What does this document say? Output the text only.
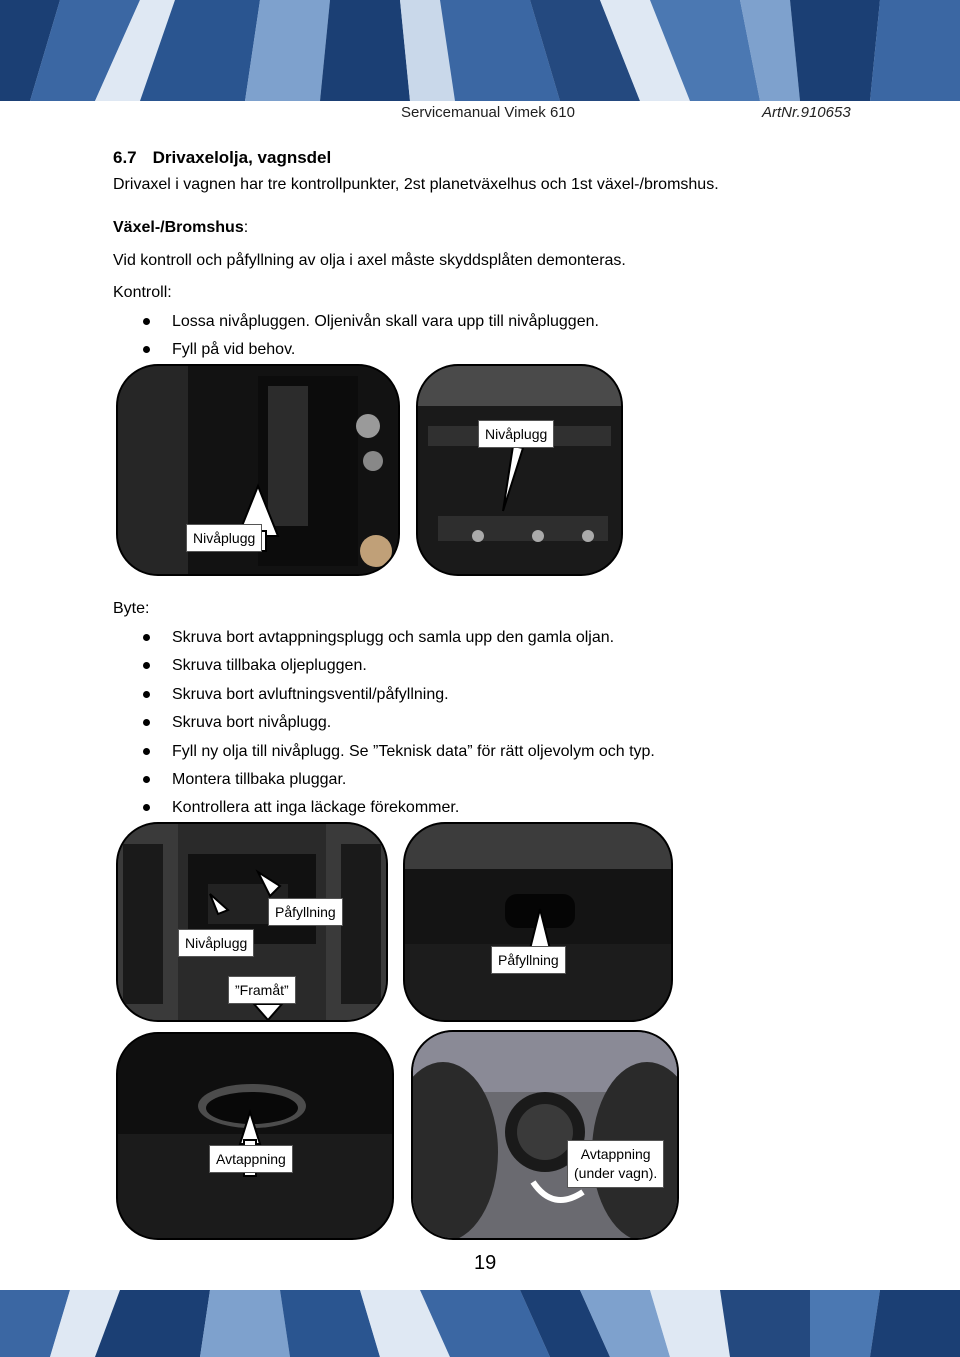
Servicemanual Vimek 610	ArtNr.910653
6.7 Drivaxelolja, vagnsdel
Drivaxel i vagnen har tre kontrollpunkter, 2st planetväxelhus och 1st växel-/bromshus.
Växel-/Bromshus:
Vid kontroll och påfyllning av olja i axel måste skyddsplåten demonteras.
Kontroll:
Lossa nivåpluggen. Oljenivån skall vara upp till nivåpluggen.
Fyll på vid behov.
Nivåplugg
Nivåplugg
Byte:
Skruva bort avtappningsplugg och samla upp den gamla oljan.
Skruva tillbaka oljepluggen.
Skruva bort avluftningsventil/påfyllning.
Skruva bort nivåplugg.
Fyll ny olja till nivåplugg. Se ”Teknisk data” för rätt oljevolym och typ.
Montera tillbaka pluggar.
Kontrollera att inga läckage förekommer.
Påfyllning
Nivåplugg
”Framåt”
Påfyllning
Avtappning	Avtappning
(under vagn).
19
